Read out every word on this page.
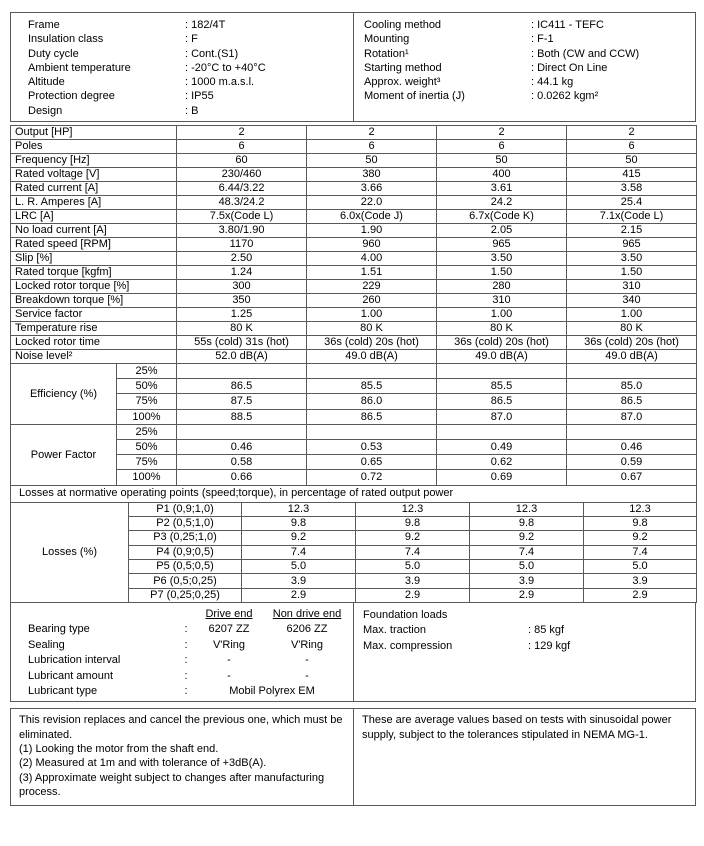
Frame	: 182/4T
Insulation class	: F
Duty cycle	: Cont.(S1)
Ambient temperature	: -20°C to +40°C
Altitude	: 1000 m.a.s.l.
Protection degree	: IP55
Design	: B
Cooling method	: IC411 - TEFC
Mounting	: F-1
Rotation¹	: Both (CW and CCW)
Starting method	: Direct On Line
Approx. weight³	: 44.1 kg
Moment of inertia (J)	: 0.0262 kgm²
Output [HP]	2	2	2	2
Poles	6	6	6	6
Frequency [Hz]	60	50	50	50
Rated voltage [V]	230/460	380	400	415
Rated current [A]	6.44/3.22	3.66	3.61	3.58
L. R. Amperes [A]	48.3/24.2	22.0	24.2	25.4
LRC [A]	7.5x(Code L)	6.0x(Code J)	6.7x(Code K)	7.1x(Code L)
No load current [A]	3.80/1.90	1.90	2.05	2.15
Rated speed [RPM]	1170	960	965	965
Slip [%]	2.50	4.00	3.50	3.50
Rated torque [kgfm]	1.24	1.51	1.50	1.50
Locked rotor torque [%]	300	229	280	310
Breakdown torque [%]	350	260	310	340
Service factor	1.25	1.00	1.00	1.00
Temperature rise	80 K	80 K	80 K	80 K
Locked rotor time	55s (cold) 31s (hot)	36s (cold) 20s (hot)	36s (cold) 20s (hot)	36s (cold) 20s (hot)
Noise level²	52.0 dB(A)	49.0 dB(A)	49.0 dB(A)	49.0 dB(A)
Efficiency (%)	25%				
	50%	86.5	85.5	85.5	85.0
	75%	87.5	86.0	86.5	86.5
	100%	88.5	86.5	87.0	87.0
Power Factor	25%				
	50%	0.46	0.53	0.49	0.46
	75%	0.58	0.65	0.62	0.59
	100%	0.66	0.72	0.69	0.67
Losses at normative operating points (speed;torque), in percentage of rated output power					
Losses (%)	P1 (0,9;1,0)	12.3	12.3	12.3	12.3
	P2 (0,5;1,0)	9.8	9.8	9.8	9.8
	P3 (0,25;1,0)	9.2	9.2	9.2	9.2
	P4 (0,9;0,5)	7.4	7.4	7.4	7.4
	P5 (0,5;0,5)	5.0	5.0	5.0	5.0
	P6 (0,5;0,25)	3.9	3.9	3.9	3.9
	P7 (0,25;0,25)	2.9	2.9	2.9	2.9
		Drive end	Non drive end
Bearing type	:	6207 ZZ	6206 ZZ
Sealing	:	V'Ring	V'Ring
Lubrication interval	:	-	-
Lubricant amount	:	-	-
Lubricant type	:	Mobil Polyrex EM	
Foundation loads
Max. traction	: 85 kgf
Max. compression	: 129 kgf
This revision replaces and cancel the previous one, which must be eliminated.
(1) Looking the motor from the shaft end.
(2) Measured at 1m and with tolerance of +3dB(A).
(3) Approximate weight subject to changes after manufacturing process.
These are average values based on tests with sinusoidal power supply, subject to the tolerances stipulated in NEMA MG-1.
